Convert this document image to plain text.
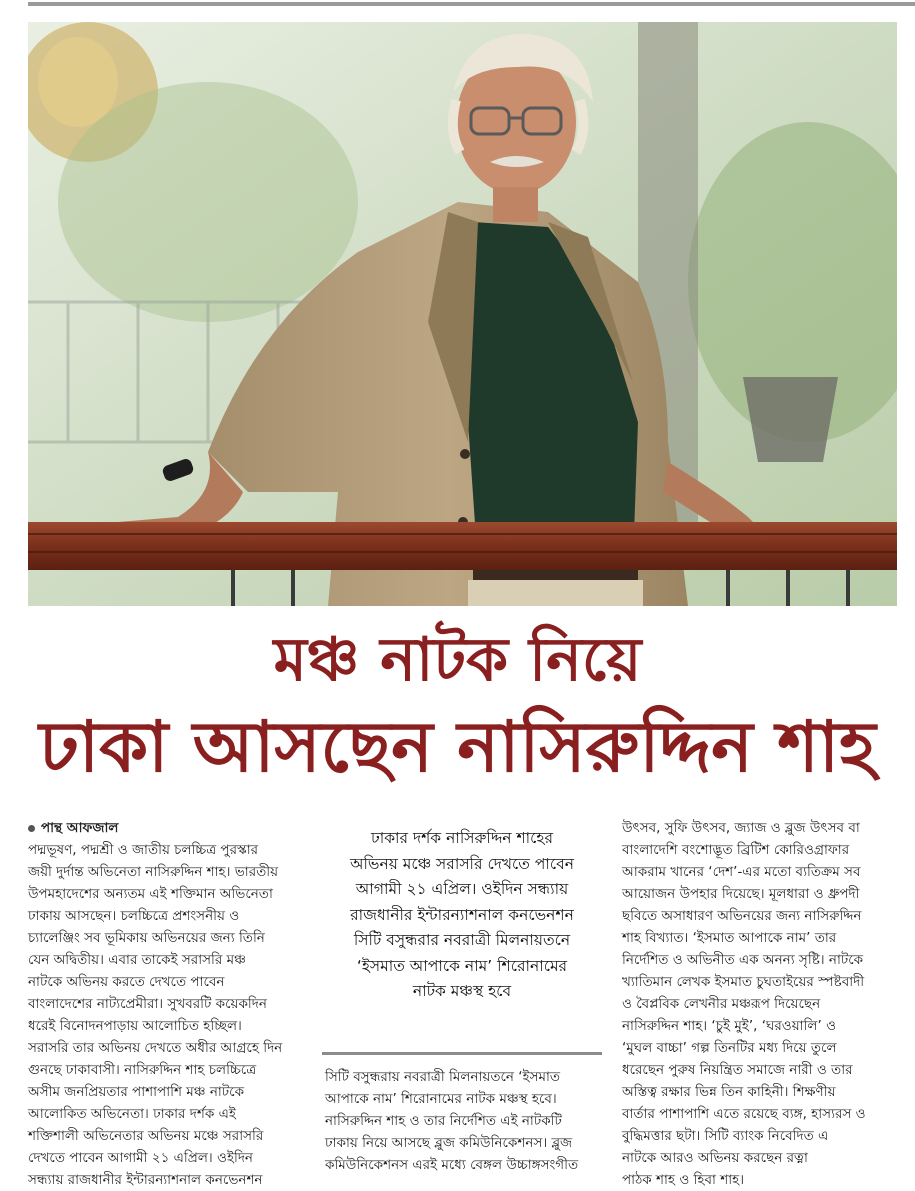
মঞ্চ নাটক নিয়ে
ঢাকা আসছেন নাসিরুদ্দিন শাহ
পান্থ আফজাল

পদ্মভূষণ, পদ্মশ্রী ও জাতীয় চলচ্চিত্র পুরস্কার
জয়ী দুর্দান্ত অভিনেতা নাসিরুদ্দিন শাহ। ভারতীয়
উপমহাদেশের অন্যতম এই শক্তিমান অভিনেতা
ঢাকায় আসছেন। চলচ্চিত্রে প্রশংসনীয় ও
চ্যালেঞ্জিং সব ভূমিকায় অভিনয়ের জন্য তিনি
যেন অদ্বিতীয়। এবার তাকেই সরাসরি মঞ্চ
নাটকে অভিনয় করতে দেখতে পাবেন
বাংলাদেশের নাট্যপ্রেমীরা। সুখবরটি কয়েকদিন
ধরেই বিনোদনপাড়ায় আলোচিত হচ্ছিল।
সরাসরি তার অভিনয় দেখতে অধীর আগ্রহে দিন
গুনছে ঢাকাবাসী। নাসিরুদ্দিন শাহ চলচ্চিত্রে
অসীম জনপ্রিয়তার পাশাপাশি মঞ্চ নাটকে
আলোকিত অভিনেতা। ঢাকার দর্শক এই
শক্তিশালী অভিনেতার অভিনয় মঞ্চে সরাসরি
দেখতে পাবেন আগামী ২১ এপ্রিল। ওইদিন
সন্ধ্যায় রাজধানীর ইন্টারন্যাশনাল কনভেনশন

ঢাকার দর্শক নাসিরুদ্দিন শাহের
অভিনয় মঞ্চে সরাসরি দেখতে পাবেন
আগামী ২১ এপ্রিল। ওইদিন সন্ধ্যায়
রাজধানীর ইন্টারন্যাশনাল কনভেনশন
সিটি বসুন্ধরার নবরাত্রী মিলনায়তনে
‘ইসমাত আপাকে নাম’ শিরোনামের
নাটক মঞ্চস্থ হবে

সিটি বসুন্ধরায় নবরাত্রী মিলনায়তনে ‘ইসমাত
আপাকে নাম’ শিরোনামের নাটক মঞ্চস্থ হবে।
নাসিরুদ্দিন শাহ ও তার নির্দেশিত এই নাটকটি
ঢাকায় নিয়ে আসছে ব্লুজ কমিউনিকেশনস। ব্লুজ
কমিউনিকেশনস এরই মধ্যে বেঙ্গল উচ্চাঙ্গসংগীত

উৎসব, সুফি উৎসব, জ্যাজ ও ব্লুজ উৎসব বা
বাংলাদেশি বংশোদ্ভূত ব্রিটিশ কোরিওগ্রাফার
আকরাম খানের ‘দেশ’-এর মতো ব্যতিক্রম সব
আয়োজন উপহার দিয়েছে। মূলধারা ও ধ্রুপদী
ছবিতে অসাধারণ অভিনয়ের জন্য নাসিরুদ্দিন
শাহ বিখ্যাত। ‘ইসমাত আপাকে নাম’ তার
নির্দেশিত ও অভিনীত এক অনন্য সৃষ্টি। নাটকে
খ্যাতিমান লেখক ইসমাত চুঘতাইয়ের স্পষ্টবাদী
ও বৈপ্লবিক লেখনীর মঞ্চরূপ দিয়েছেন
নাসিরুদ্দিন শাহ। ‘চুই মুই’, ‘ঘরওয়ালি’ ও
‘মুঘল বাচ্চা’ গল্প তিনটির মধ্য দিয়ে তুলে
ধরেছেন পুরুষ নিয়ন্ত্রিত সমাজে নারী ও তার
অস্তিত্ব রক্ষার ভিন্ন তিন কাহিনী। শিক্ষণীয়
বার্তার পাশাপাশি এতে রয়েছে ব্যঙ্গ, হাস্যরস ও
বুদ্ধিমত্তার ছটা। সিটি ব্যাংক নিবেদিত এ
নাটকে আরও অভিনয় করছেন রত্না
পাঠক শাহ ও হিবা শাহ।
